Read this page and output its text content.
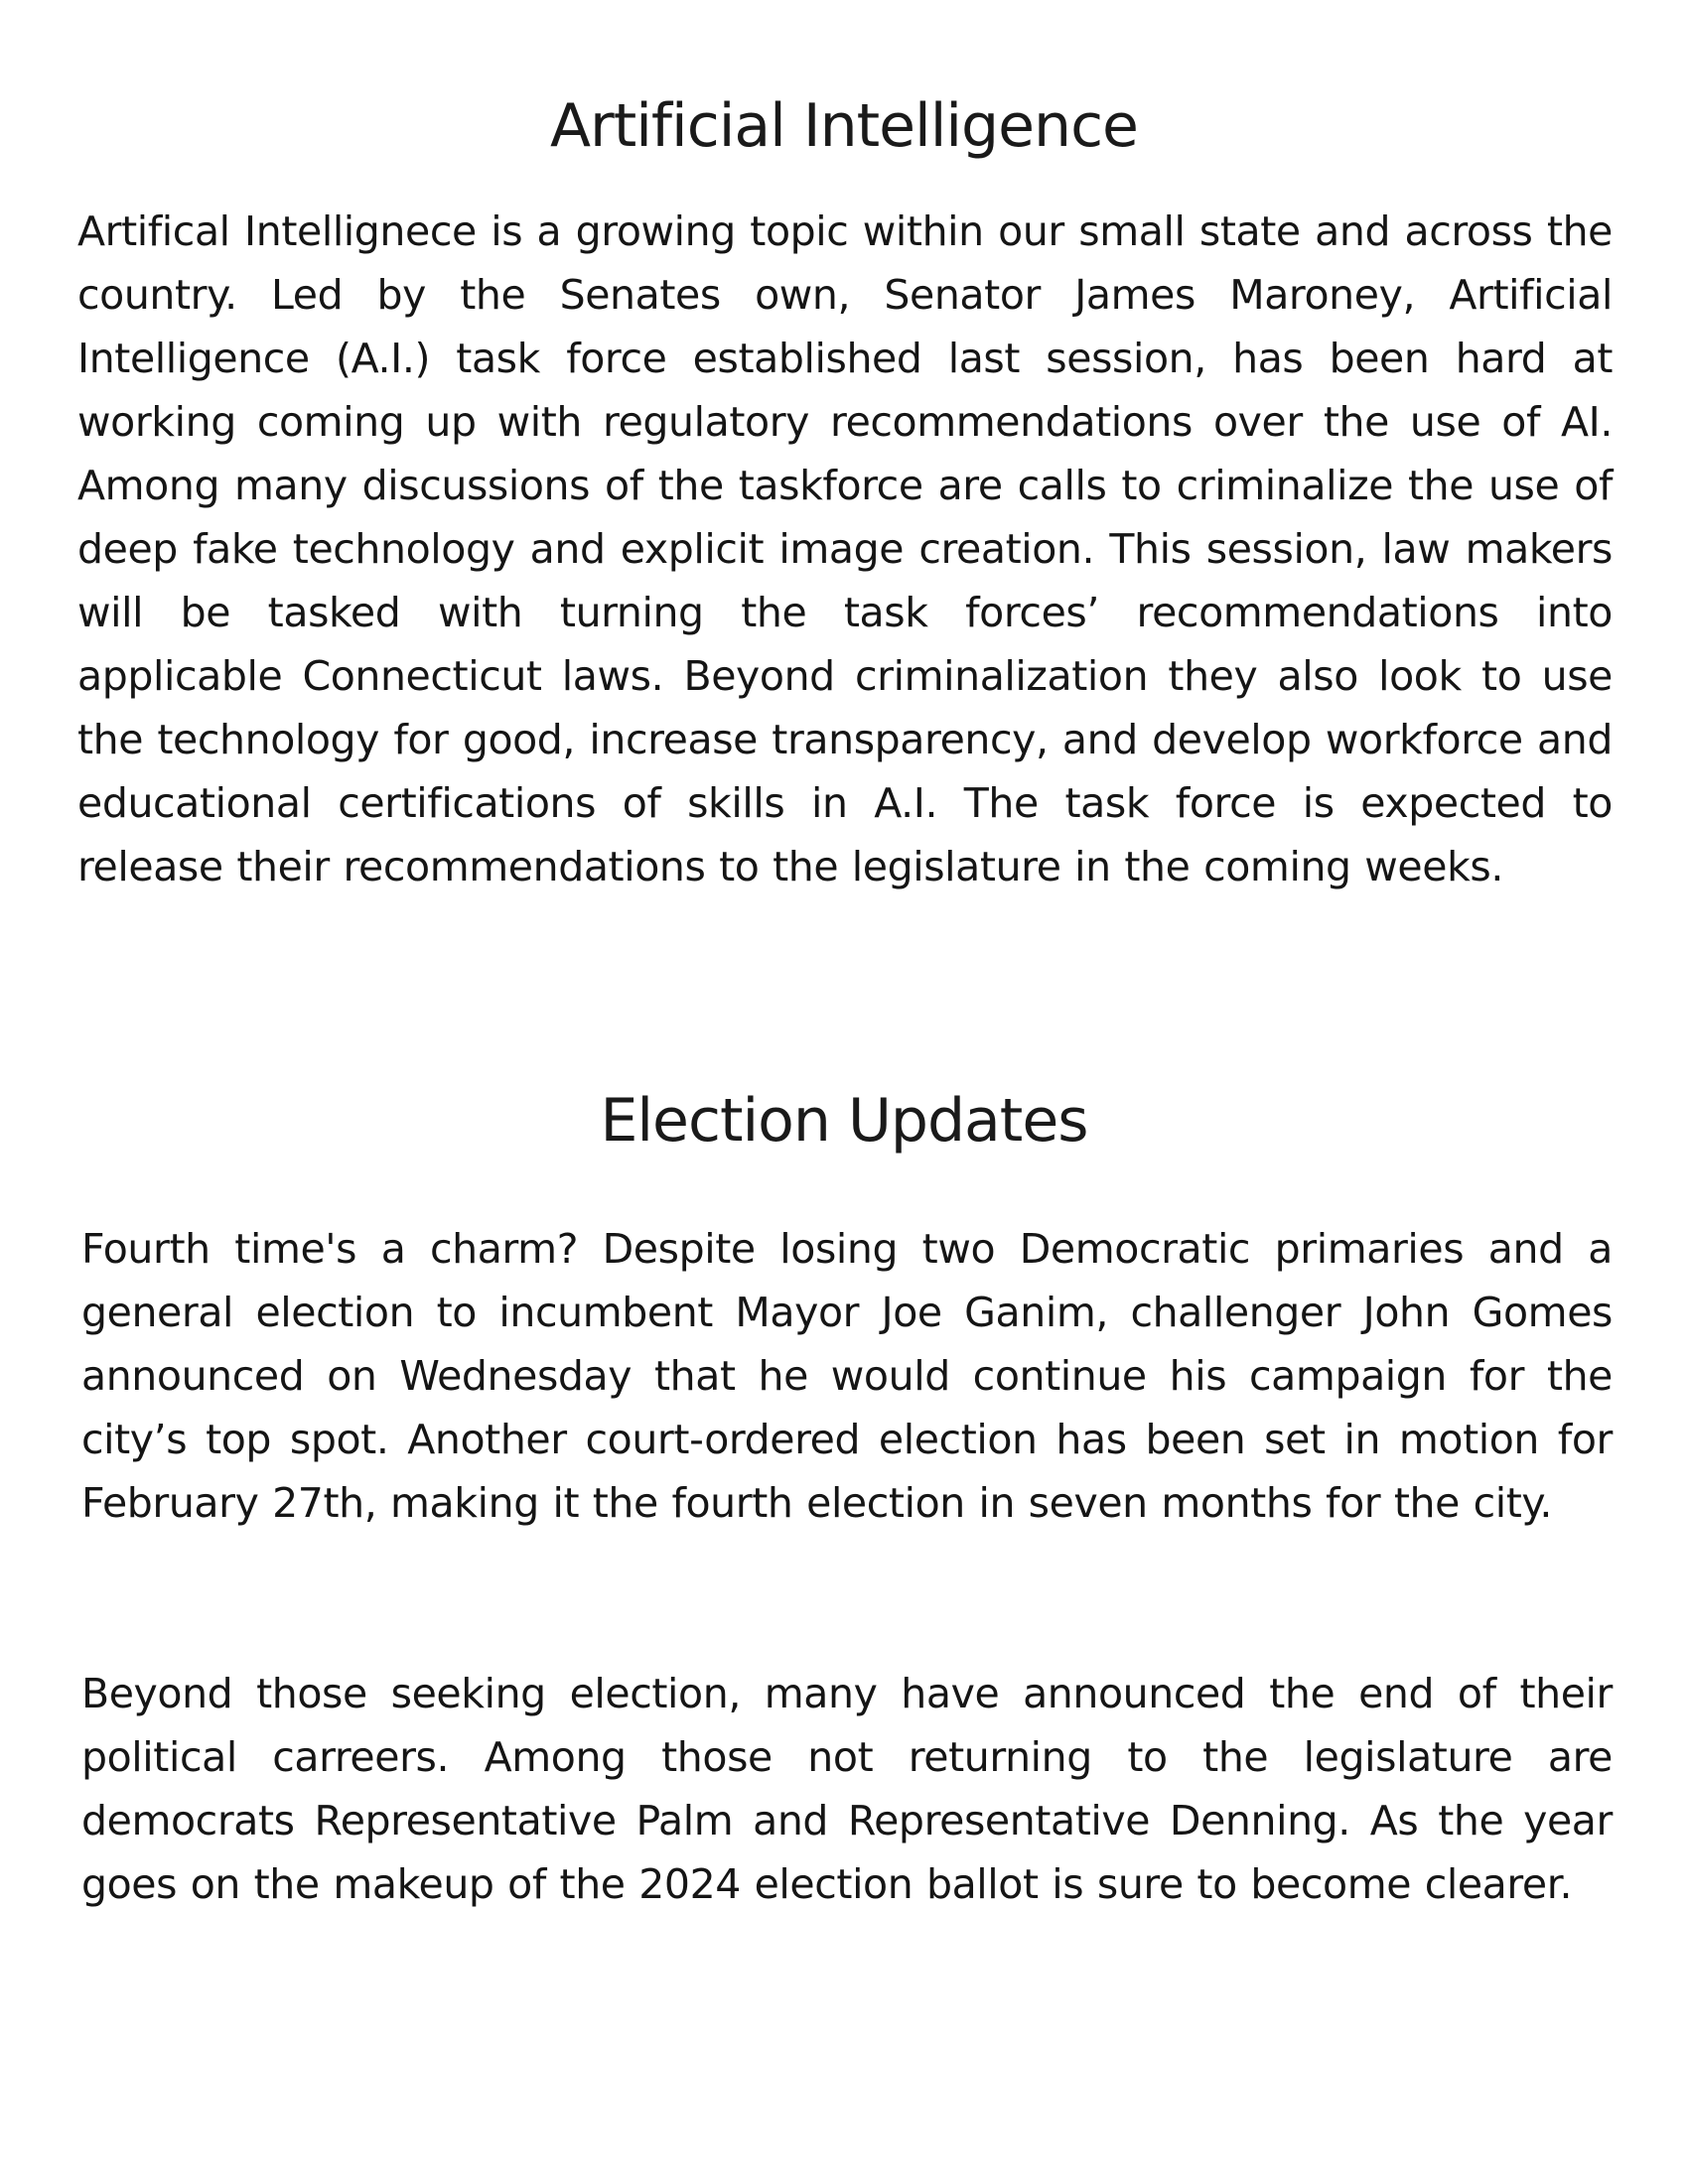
Artificial Intelligence

Artifical Intellignece is a growing topic within our small state and across the country. Led by the Senates own, Senator James Maroney, Artificial Intelligence (A.I.) task force established last session, has been hard at working coming up with regulatory recommendations over the use of AI. Among many discussions of the taskforce are calls to criminalize the use of deep fake technology and explicit image creation. This session, law makers will be tasked with turning the task forces’ recommendations into applicable Connecticut laws. Beyond criminalization they also look to use the technology for good, increase transparency, and develop workforce and educational certifications of skills in A.I. The task force is expected to release their recommendations to the legislature in the coming weeks.

Election Updates

Fourth time's a charm? Despite losing two Democratic primaries and a general election to incumbent Mayor Joe Ganim, challenger John Gomes announced on Wednesday that he would continue his campaign for the city’s top spot. Another court-ordered election has been set in motion for February 27th, making it the fourth election in seven months for the city.

Beyond those seeking election, many have announced the end of their political carreers. Among those not returning to the legislature are democrats Representative Palm and Representative Denning. As the year goes on the makeup of the 2024 election ballot is sure to become clearer.
